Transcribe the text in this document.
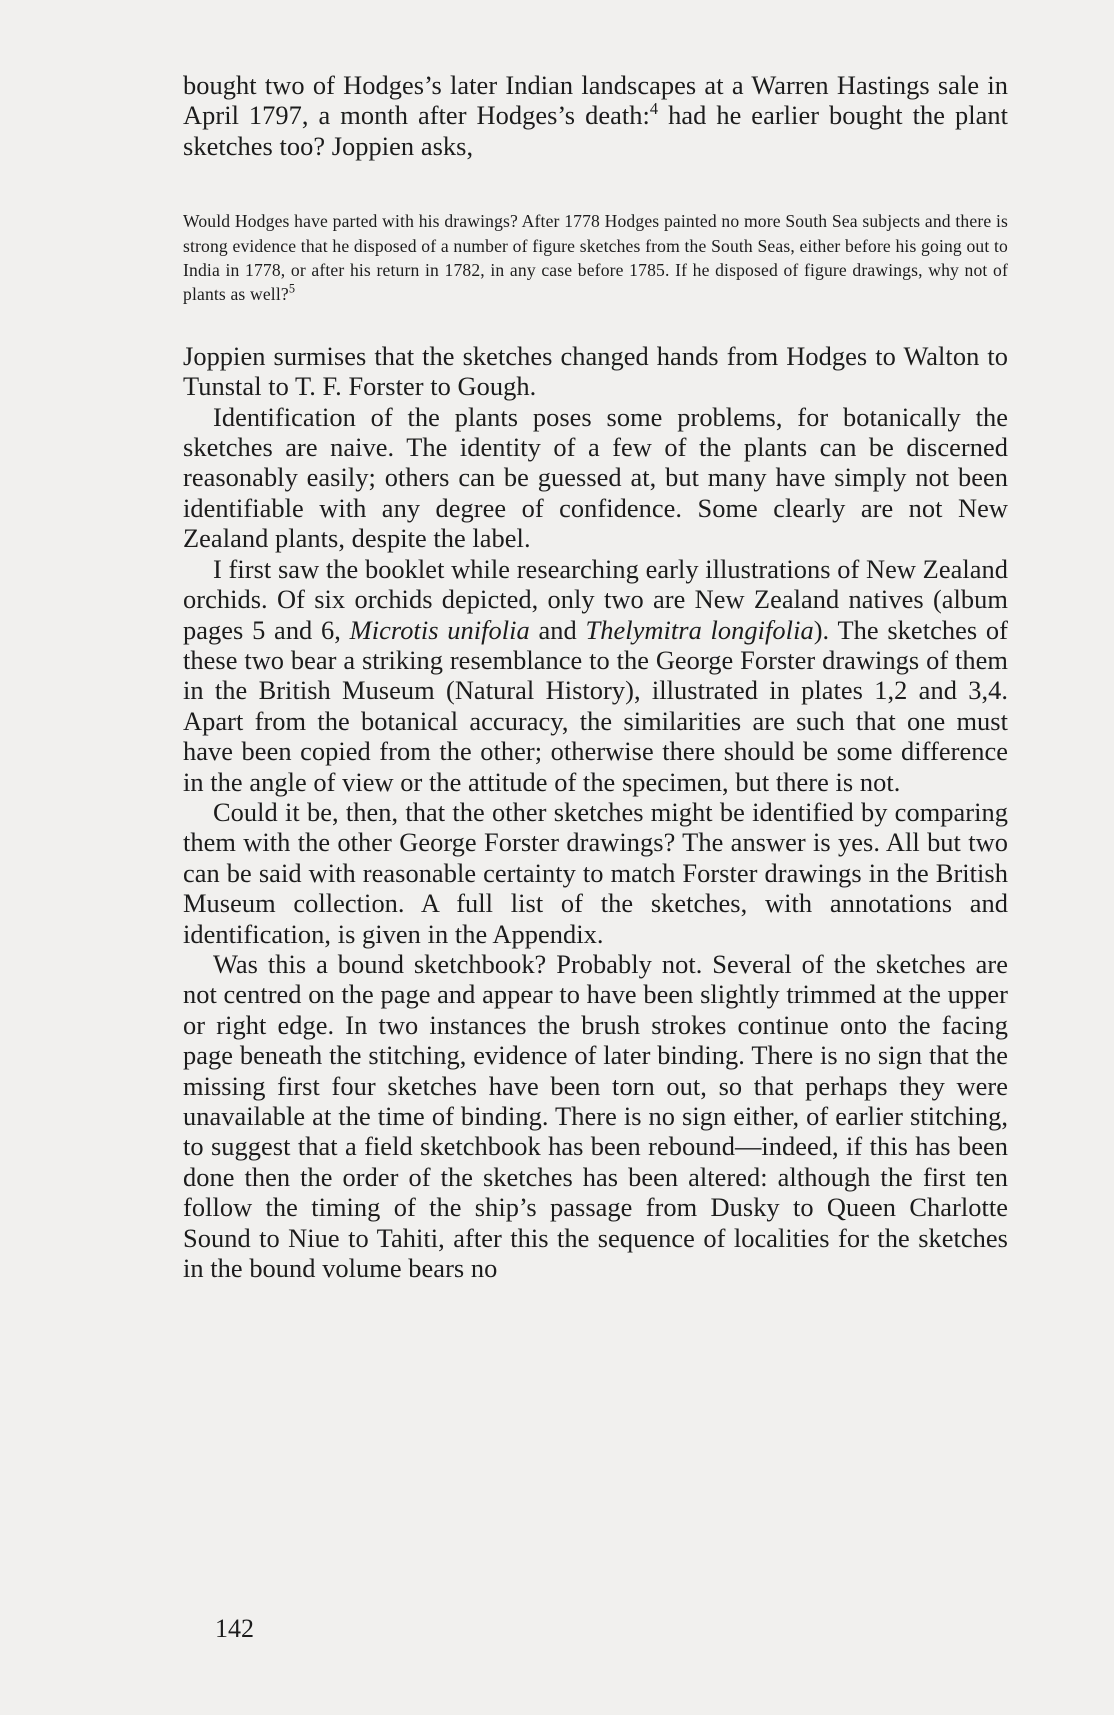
bought two of Hodges’s later Indian landscapes at a Warren Hastings sale in April 1797, a month after Hodges’s death:$^4$ had he earlier bought the plant sketches too? Joppien asks,

Would Hodges have parted with his drawings? After 1778 Hodges painted no more South Sea subjects and there is strong evidence that he disposed of a number of figure sketches from the South Seas, either before his going out to India in 1778, or after his return in 1782, in any case before 1785. If he disposed of figure drawings, why not of plants as well?$^5$

Joppien surmises that the sketches changed hands from Hodges to Walton to Tunstal to T. F. Forster to Gough.

Identification of the plants poses some problems, for botanically the sketches are naive. The identity of a few of the plants can be discerned reasonably easily; others can be guessed at, but many have simply not been identifiable with any degree of confidence. Some clearly are not New Zealand plants, despite the label.

I first saw the booklet while researching early illustrations of New Zealand orchids. Of six orchids depicted, only two are New Zealand natives (album pages 5 and 6, Microtis unifolia and Thelymitra longifolia). The sketches of these two bear a striking resemblance to the George Forster drawings of them in the British Museum (Natural History), illustrated in plates 1,2 and 3,4. Apart from the botanical accuracy, the similarities are such that one must have been copied from the other; otherwise there should be some difference in the angle of view or the attitude of the specimen, but there is not.

Could it be, then, that the other sketches might be identified by comparing them with the other George Forster drawings? The answer is yes. All but two can be said with reasonable certainty to match Forster drawings in the British Museum collection. A full list of the sketches, with annotations and identification, is given in the Appendix.

Was this a bound sketchbook? Probably not. Several of the sketches are not centred on the page and appear to have been slightly trimmed at the upper or right edge. In two instances the brush strokes continue onto the facing page beneath the stitching, evidence of later binding. There is no sign that the missing first four sketches have been torn out, so that perhaps they were unavailable at the time of binding. There is no sign either, of earlier stitching, to suggest that a field sketchbook has been rebound—indeed, if this has been done then the order of the sketches has been altered: although the first ten follow the timing of the ship’s passage from Dusky to Queen Charlotte Sound to Niue to Tahiti, after this the sequence of localities for the sketches in the bound volume bears no

142
